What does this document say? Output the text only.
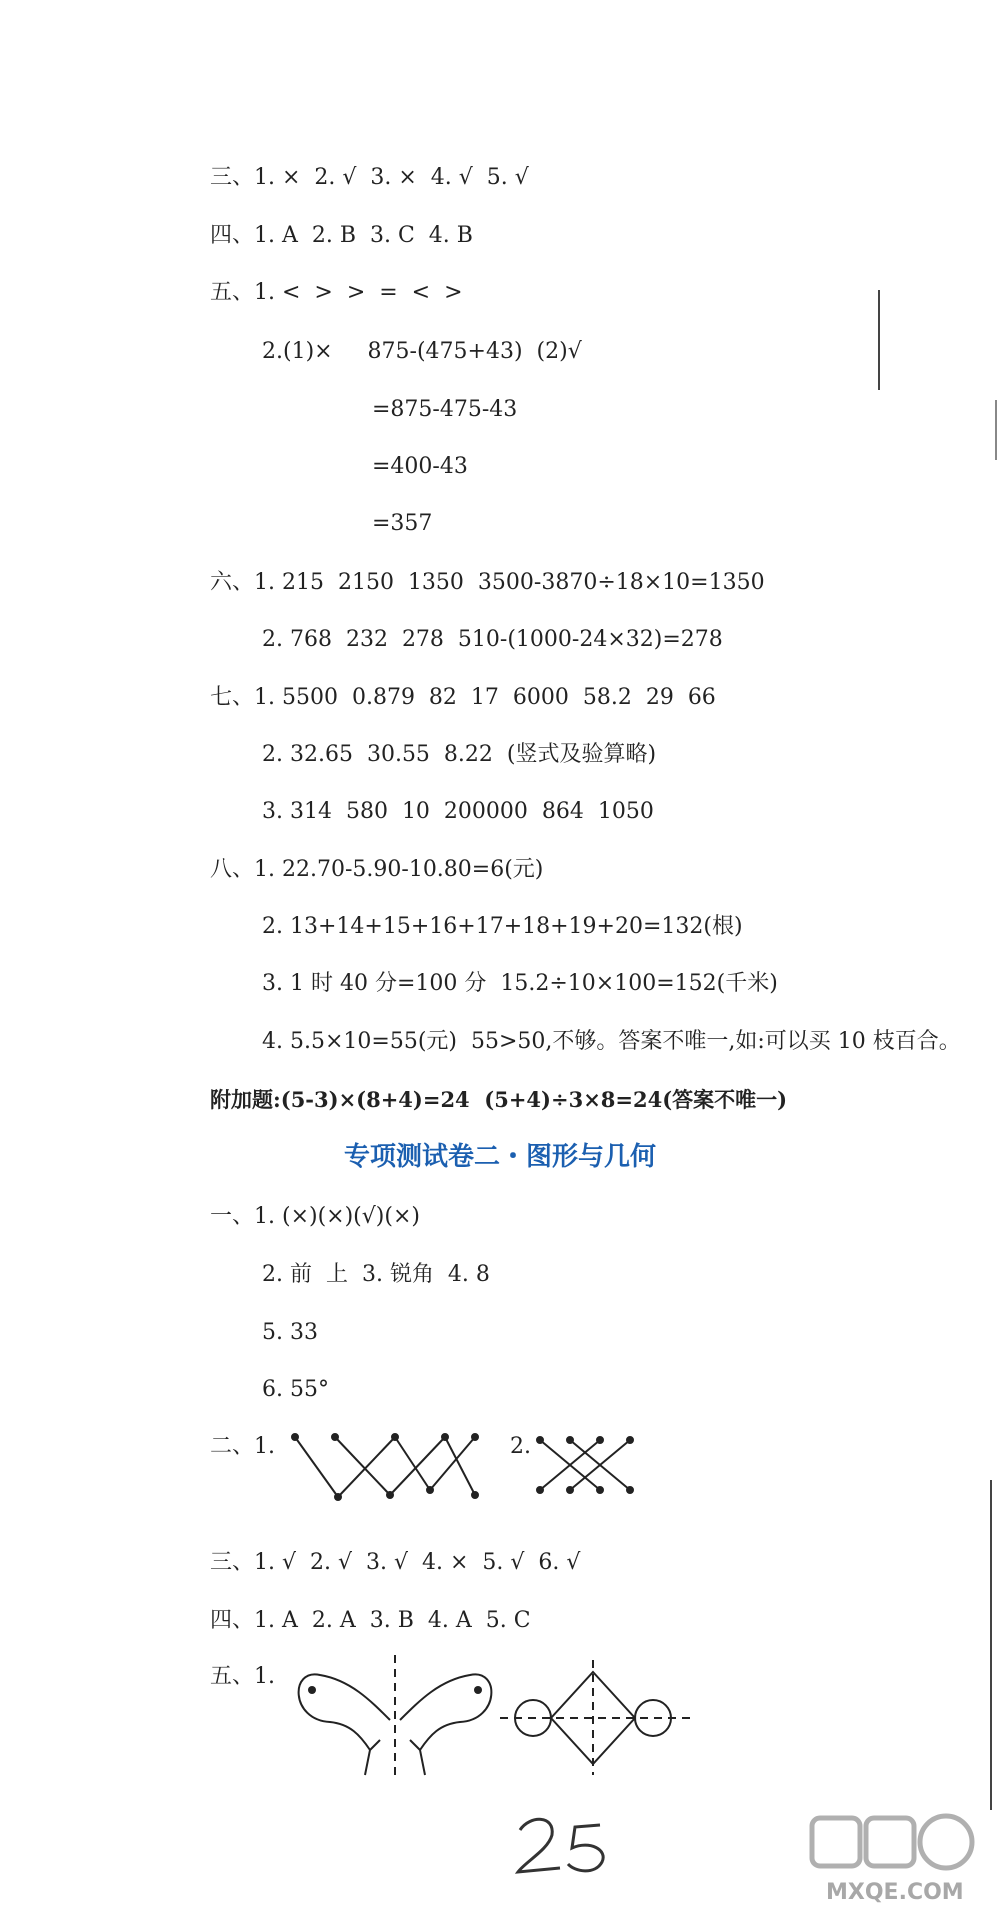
三、1. ×  2. √  3. ×  4. √  5. √
四、1. A  2. B  3. C  4. B
五、1. <  >  >  =  <  >
2.(1)×     875-(475+43)  (2)√
=875-475-43
=400-43
=357
六、1. 215  2150  1350  3500-3870÷18×10=1350
2. 768  232  278  510-(1000-24×32)=278
七、1. 5500  0.879  82  17  6000  58.2  29  66
2. 32.65  30.55  8.22  (竖式及验算略)
3. 314  580  10  200000  864  1050
八、1. 22.70-5.90-10.80=6(元)
2. 13+14+15+16+17+18+19+20=132(根)
3. 1 时 40 分=100 分  15.2÷10×100=152(千米)
4. 5.5×10=55(元)  55>50,不够。答案不唯一,如:可以买 10 枝百合。
附加题:(5-3)×(8+4)=24  (5+4)÷3×8=24(答案不唯一)
专项测试卷二・图形与几何
一、1. (×)(×)(√)(×)
2. 前  上  3. 锐角  4. 8
5. 33
6. 55°
二、1.	2.
三、1. √  2. √  3. √  4. ×  5. √  6. √
四、1. A  2. A  3. B  4. A  5. C
五、1.
MXQE.COM
